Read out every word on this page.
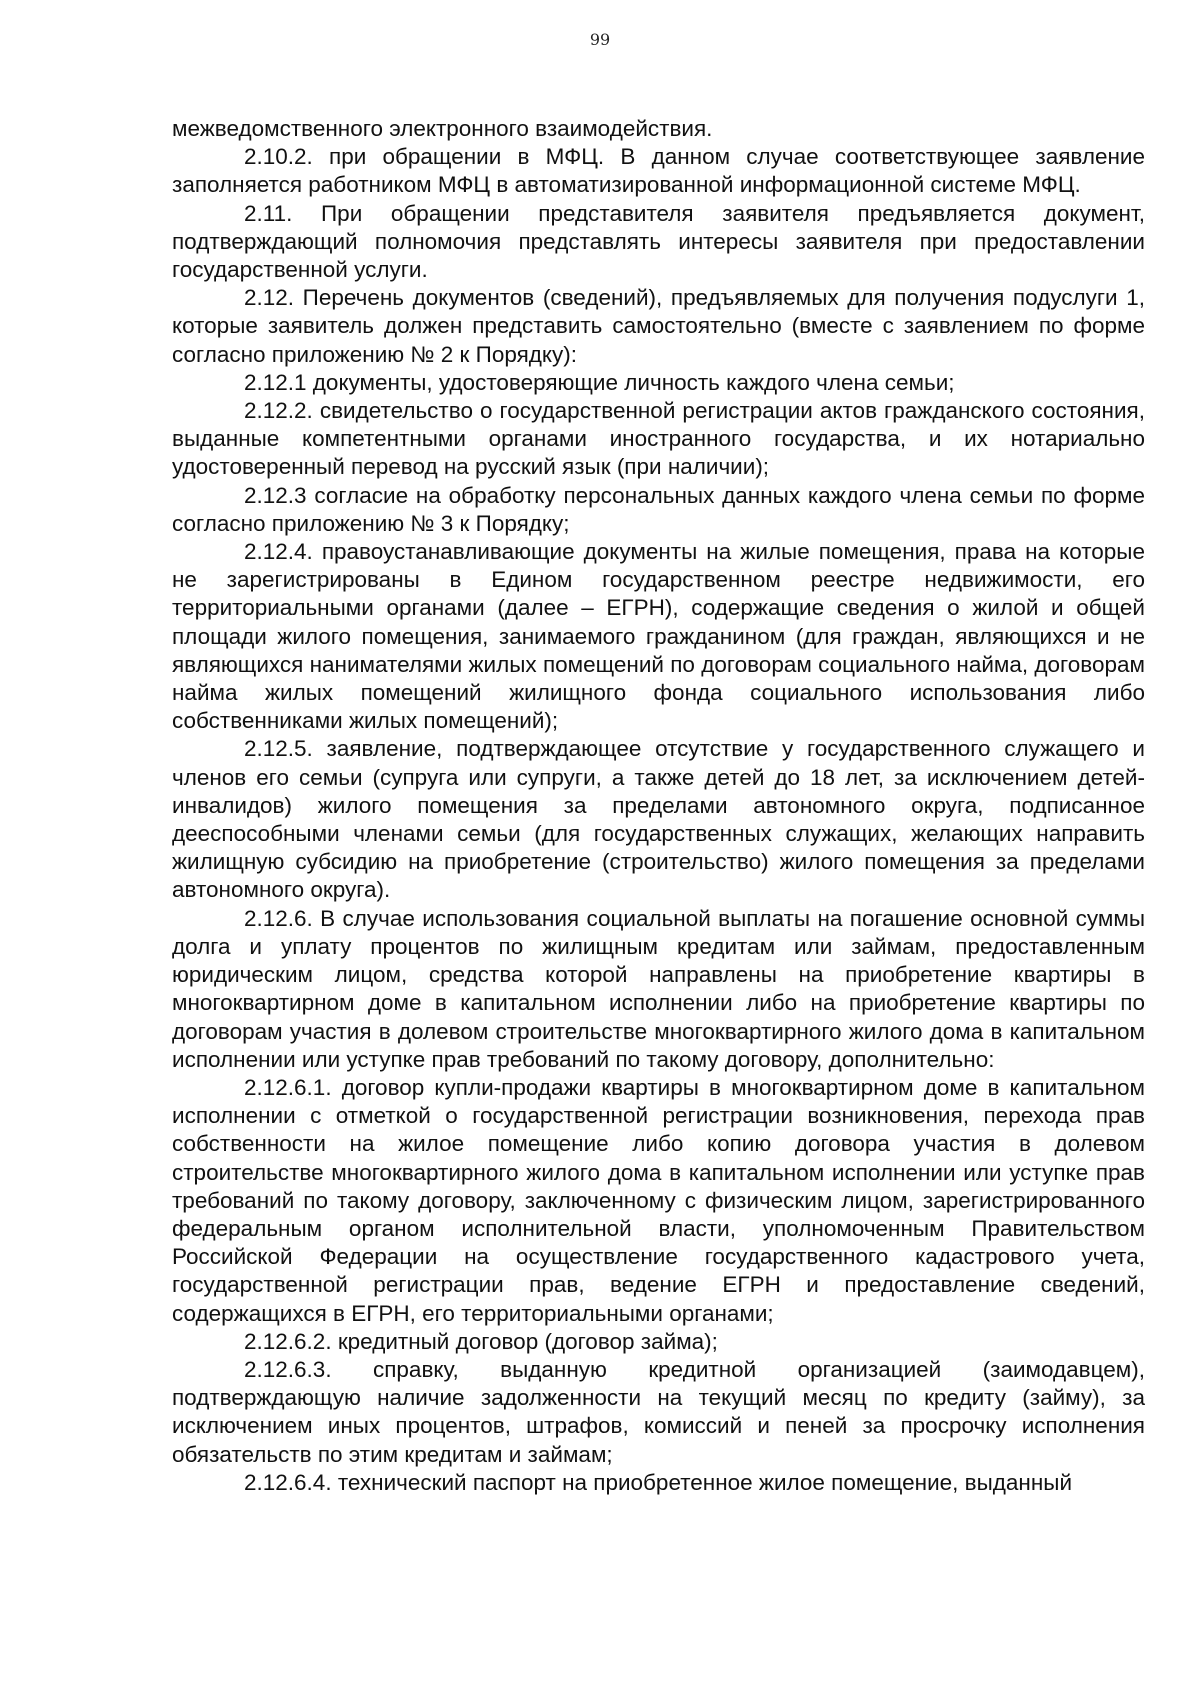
99

межведомственного электронного взаимодействия.

2.10.2. при обращении в МФЦ. В данном случае соответствующее заявление заполняется работником МФЦ в автоматизированной информационной системе МФЦ.

2.11. При обращении представителя заявителя предъявляется документ, подтверждающий полномочия представлять интересы заявителя при предоставлении государственной услуги.

2.12. Перечень документов (сведений), предъявляемых для получения подуслуги 1, которые заявитель должен представить самостоятельно (вместе с заявлением по форме согласно приложению № 2 к Порядку):

2.12.1 документы, удостоверяющие личность каждого члена семьи;

2.12.2. свидетельство о государственной регистрации актов гражданского состояния, выданные компетентными органами иностранного государства, и их нотариально удостоверенный перевод на русский язык (при наличии);

2.12.3 согласие на обработку персональных данных каждого члена семьи по форме согласно приложению № 3 к Порядку;

2.12.4. правоустанавливающие документы на жилые помещения, права на которые не зарегистрированы в Едином государственном реестре недвижимости, его территориальными органами (далее – ЕГРН), содержащие сведения о жилой и общей площади жилого помещения, занимаемого гражданином (для граждан, являющихся и не являющихся нанимателями жилых помещений по договорам социального найма, договорам найма жилых помещений жилищного фонда социального использования либо собственниками жилых помещений);

2.12.5. заявление, подтверждающее отсутствие у государственного служащего и членов его семьи (супруга или супруги, а также детей до 18 лет, за исключением детей-инвалидов) жилого помещения за пределами автономного округа, подписанное дееспособными членами семьи (для государственных служащих, желающих направить жилищную субсидию на приобретение (строительство) жилого помещения за пределами автономного округа).

2.12.6. В случае использования социальной выплаты на погашение основной суммы долга и уплату процентов по жилищным кредитам или займам, предоставленным юридическим лицом, средства которой направлены на приобретение квартиры в многоквартирном доме в капитальном исполнении либо на приобретение квартиры по договорам участия в долевом строительстве многоквартирного жилого дома в капитальном исполнении или уступке прав требований по такому договору, дополнительно:

2.12.6.1. договор купли-продажи квартиры в многоквартирном доме в капитальном исполнении с отметкой о государственной регистрации возникновения, перехода прав собственности на жилое помещение либо копию договора участия в долевом строительстве многоквартирного жилого дома в капитальном исполнении или уступке прав требований по такому договору, заключенному с физическим лицом, зарегистрированного федеральным органом исполнительной власти, уполномоченным Правительством Российской Федерации на осуществление государственного кадастрового учета, государственной регистрации прав, ведение ЕГРН и предоставление сведений, содержащихся в ЕГРН, его территориальными органами;

2.12.6.2. кредитный договор (договор займа);

2.12.6.3. справку, выданную кредитной организацией (заимодавцем), подтверждающую наличие задолженности на текущий месяц по кредиту (займу), за исключением иных процентов, штрафов, комиссий и пеней за просрочку исполнения обязательств по этим кредитам и займам;

2.12.6.4. технический паспорт на приобретенное жилое помещение, выданный
